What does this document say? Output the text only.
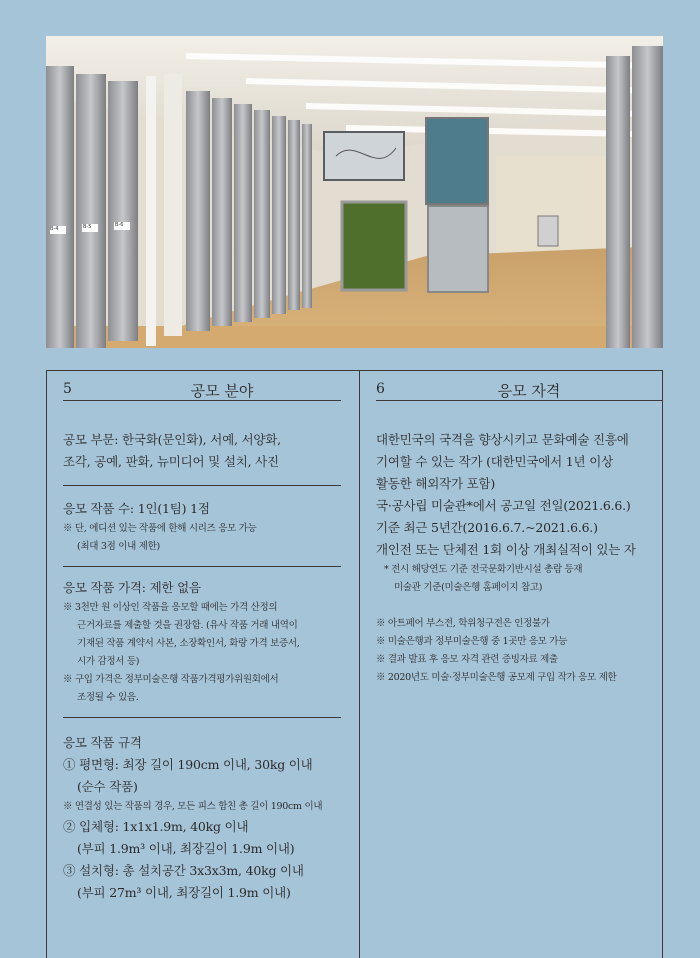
B-4	B-5	B-6
5	공모 분야
공모 부문: 한국화(문인화), 서예, 서양화,
조각, 공예, 판화, 뉴미디어 및 설치, 사진
응모 작품 수: 1인(1팀) 1점
※ 단, 에디션 있는 작품에 한해 시리즈 응모 가능
(최대 3점 이내 제한)
응모 작품 가격: 제한 없음
※ 3천만 원 이상인 작품을 응모할 때에는 가격 산정의
근거자료를 제출할 것을 권장함. (유사 작품 거래 내역이
기재된 작품 계약서 사본, 소장확인서, 화랑 가격 보증서,
시가 감정서 등)
※ 구입 가격은 정부미술은행 작품가격평가위원회에서
조정될 수 있음.
응모 작품 규격
① 평면형: 최장 길이 190cm 이내, 30kg 이내
(순수 작품)
※ 연결성 있는 작품의 경우, 모든 피스 합친 총 길이 190cm 이내
② 입체형: 1x1x1.9m, 40kg 이내
(부피 1.9m³ 이내, 최장길이 1.9m 이내)
③ 설치형: 총 설치공간 3x3x3m, 40kg 이내
(부피 27m³ 이내, 최장길이 1.9m 이내)
6	응모 자격
대한민국의 국격을 향상시키고 문화예술 진흥에
기여할 수 있는 작가 (대한민국에서 1년 이상
활동한 해외작가 포함)
국·공사립 미술관*에서 공고일 전일(2021.6.6.)
기준 최근 5년간(2016.6.7.~2021.6.6.)
개인전 또는 단체전 1회 이상 개최실적이 있는 자
* 전시 해당연도 기준 전국문화기반시설 총람 등재
미술관 기준(미술은행 홈페이지 참고)
※ 아트페어 부스전, 학위청구전은 인정불가
※ 미술은행과 정부미술은행 중 1곳만 응모 가능
※ 결과 발표 후 응모 자격 관련 증빙자료 제출
※ 2020년도 미술·정부미술은행 공모제 구입 작가 응모 제한
